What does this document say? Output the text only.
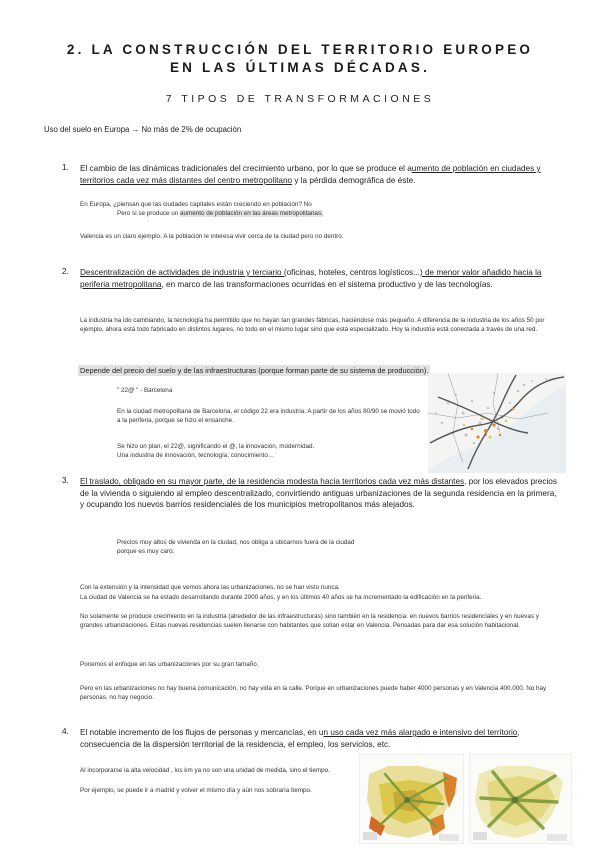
2. LA CONSTRUCCIÓN DEL TERRITORIO EUROPEO
EN LAS ÚLTIMAS DÉCADAS.
7 TIPOS DE TRANSFORMACIONES
Uso del suelo en Europa → No más de 2% de ocupación
1. El cambio de las dinámicas tradicionales del crecimiento urbano, por lo que se produce el aumento de población en ciudades y territorios cada vez más distantes del centro metropolitano y la pérdida demográfica de éste.
En Europa, ¿piensan que las ciudades capitales están creciendo en población? No
Pero si se produce un aumento de población en las áreas metropolitanas.
Valencia es un claro ejemplo. A la población le interesa vivir cerca de la ciudad pero no dentro.
2. Descentralización de actividades de industria y terciario (oficinas, hoteles, centros logísticos...) de menor valor añadido hacia la periferia metropolitana, en marco de las transformaciones ocurridas en el sistema productivo y de las tecnologías.
La industria ha ido cambiando, la tecnología ha permitido que no hayan tan grandes fábricas, haciéndose más pequeño. A diferencia de la industria de los años 50 por ejemplo, ahora está todo fabricado en distintos lugares, no todo en el mismo lugar sino que está especializado. Hoy la industria está conectada a través de una red.
Depende del precio del suelo y de las infraestructuras (porque forman parte de su sistema de producción).
" 22@ " - Barcelona
En la ciudad metropolitana de Barcelona, el código 22 era industria. A partir de los años 80/90 se movió todo a la periferia, porque se hizo el ensanche.
Se hizo un plan, el 22@, significando el @, la innovación, modernidad.
Una industria de innovación, tecnología, conocimiento…
3. El traslado, obligado en su mayor parte, de la residencia modesta hacia territorios cada vez más distantes, por los elevados precios de la vivienda o siguiendo al empleo descentralizado, convirtiendo antiguas urbanizaciones de la segunda residencia en la primera, y ocupando los nuevos barrios residenciales de los municipios metropolitanos más alejados.
Precios muy altos de vivienda en la ciudad, nos obliga a ubicarnos fuera de la ciudad
porque es muy caro.
Con la extensión y la intensidad que vemos ahora las urbanizaciones, no se han visto nunca.
La ciudad de Valencia se ha estado desarrollando durante 2000 años, y en los últimos 40 años se ha incrementado la edificación en la periferia.
No solamente se produce crecimiento en la industria (alrededor de las infraestructuras) sino también en la residencia: en nuevos barrios residenciales y en nuevas y grandes urbanizaciones. Estas nuevas residencias suelen llenarse con habitantes que solían estar en Valencia. Pensadas para dar esa solución habitacional.
Ponemos el enfoque en las urbanizaciones por su gran tamaño.
Pero en las urbanizaciones no hay buena comunicación, no hay vida en la calle. Porque en urbanizaciones puede haber 4000 personas y en Valencia 400.000. No hay personas, no hay negocio.
4. El notable incremento de los flujos de personas y mercancías, en un uso cada vez más alargado e intensivo del territorio, consecuencia de la dispersión territorial de la residencia, el empleo, los servicios, etc.
Al incorporarse la alta velocidad , los km ya no son una unidad de medida, sino el tiempo.
Por ejemplo, se puede ir a madrid y volver el mismo día y aún nos sobraría tiempo.
